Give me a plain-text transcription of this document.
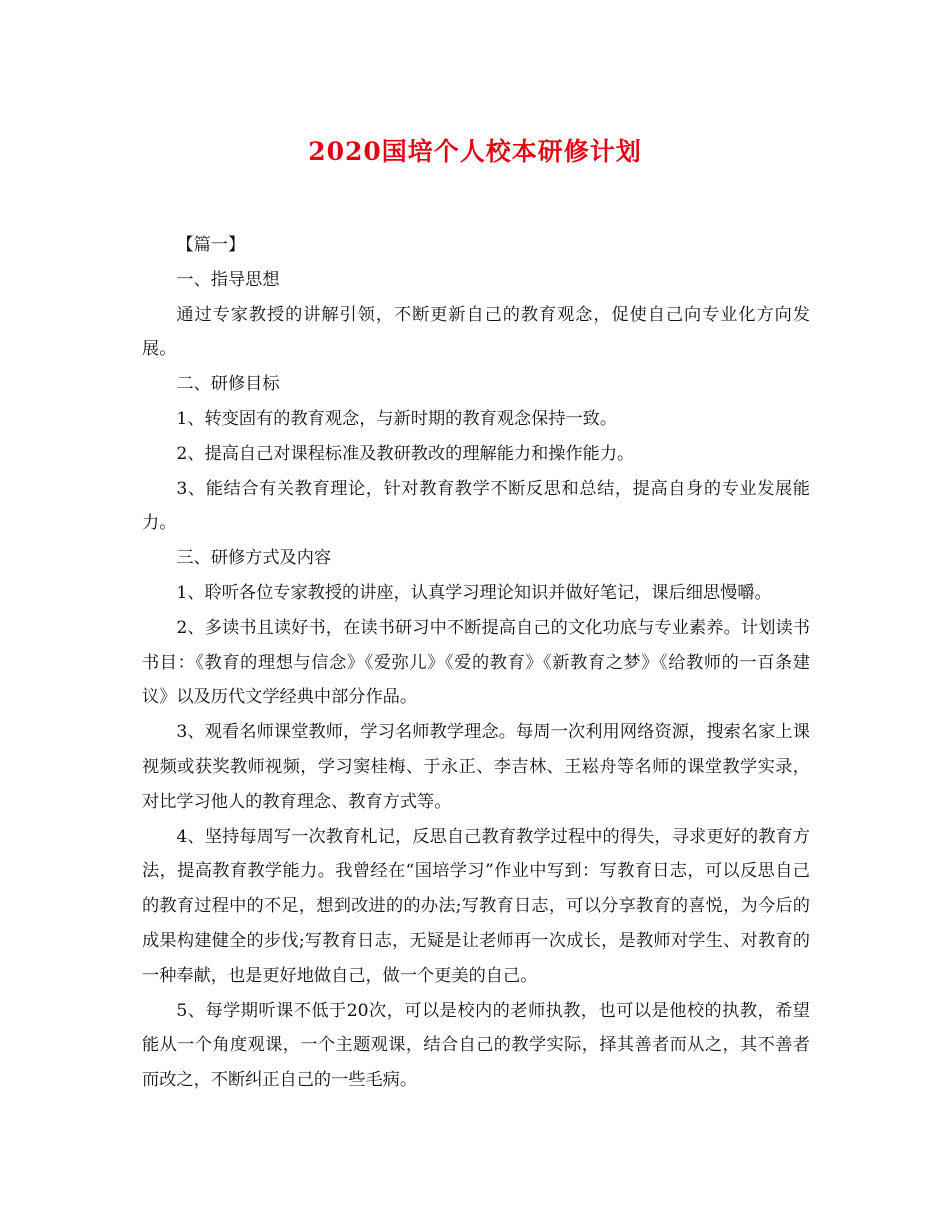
2020国培个人校本研修计划

【篇一】

一、指导思想

通过专家教授的讲解引领，不断更新自己的教育观念，促使自己向专业化方向发展。

二、研修目标

1、转变固有的教育观念，与新时期的教育观念保持一致。

2、提高自己对课程标准及教研教改的理解能力和操作能力。

3、能结合有关教育理论，针对教育教学不断反思和总结，提高自身的专业发展能力。

三、研修方式及内容

1、聆听各位专家教授的讲座，认真学习理论知识并做好笔记，课后细思慢嚼。

2、多读书且读好书，在读书研习中不断提高自己的文化功底与专业素养。计划读书书目：《教育的理想与信念》《爱弥儿》《爱的教育》《新教育之梦》《给教师的一百条建议》以及历代文学经典中部分作品。

3、观看名师课堂教师，学习名师教学理念。每周一次利用网络资源，搜索名家上课视频或获奖教师视频，学习窦桂梅、于永正、李吉林、王崧舟等名师的课堂教学实录，对比学习他人的教育理念、教育方式等。

4、坚持每周写一次教育札记，反思自己教育教学过程中的得失，寻求更好的教育方法，提高教育教学能力。我曾经在“国培学习”作业中写到：写教育日志，可以反思自己的教育过程中的不足，想到改进的的办法;写教育日志，可以分享教育的喜悦，为今后的成果构建健全的步伐;写教育日志，无疑是让老师再一次成长，是教师对学生、对教育的一种奉献，也是更好地做自己，做一个更美的自己。

5、每学期听课不低于20次，可以是校内的老师执教，也可以是他校的执教，希望能从一个角度观课，一个主题观课，结合自己的教学实际，择其善者而从之，其不善者而改之，不断纠正自己的一些毛病。
